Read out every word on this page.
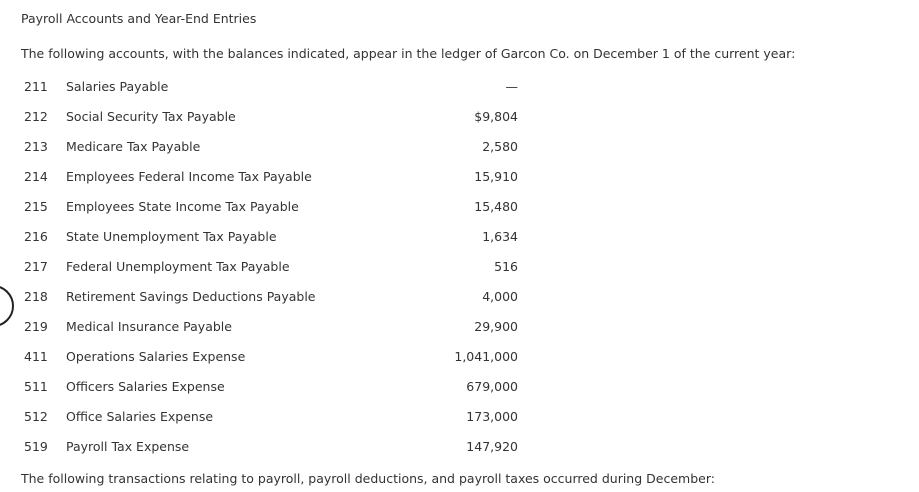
Payroll Accounts and Year-End Entries
The following accounts, with the balances indicated, appear in the ledger of Garcon Co. on December 1 of the current year:
211	Salaries Payable	—
212	Social Security Tax Payable	$9,804
213	Medicare Tax Payable	2,580
214	Employees Federal Income Tax Payable	15,910
215	Employees State Income Tax Payable	15,480
216	State Unemployment Tax Payable	1,634
217	Federal Unemployment Tax Payable	516
218	Retirement Savings Deductions Payable	4,000
219	Medical Insurance Payable	29,900
411	Operations Salaries Expense	1,041,000
511	Officers Salaries Expense	679,000
512	Office Salaries Expense	173,000
519	Payroll Tax Expense	147,920
The following transactions relating to payroll, payroll deductions, and payroll taxes occurred during December:
